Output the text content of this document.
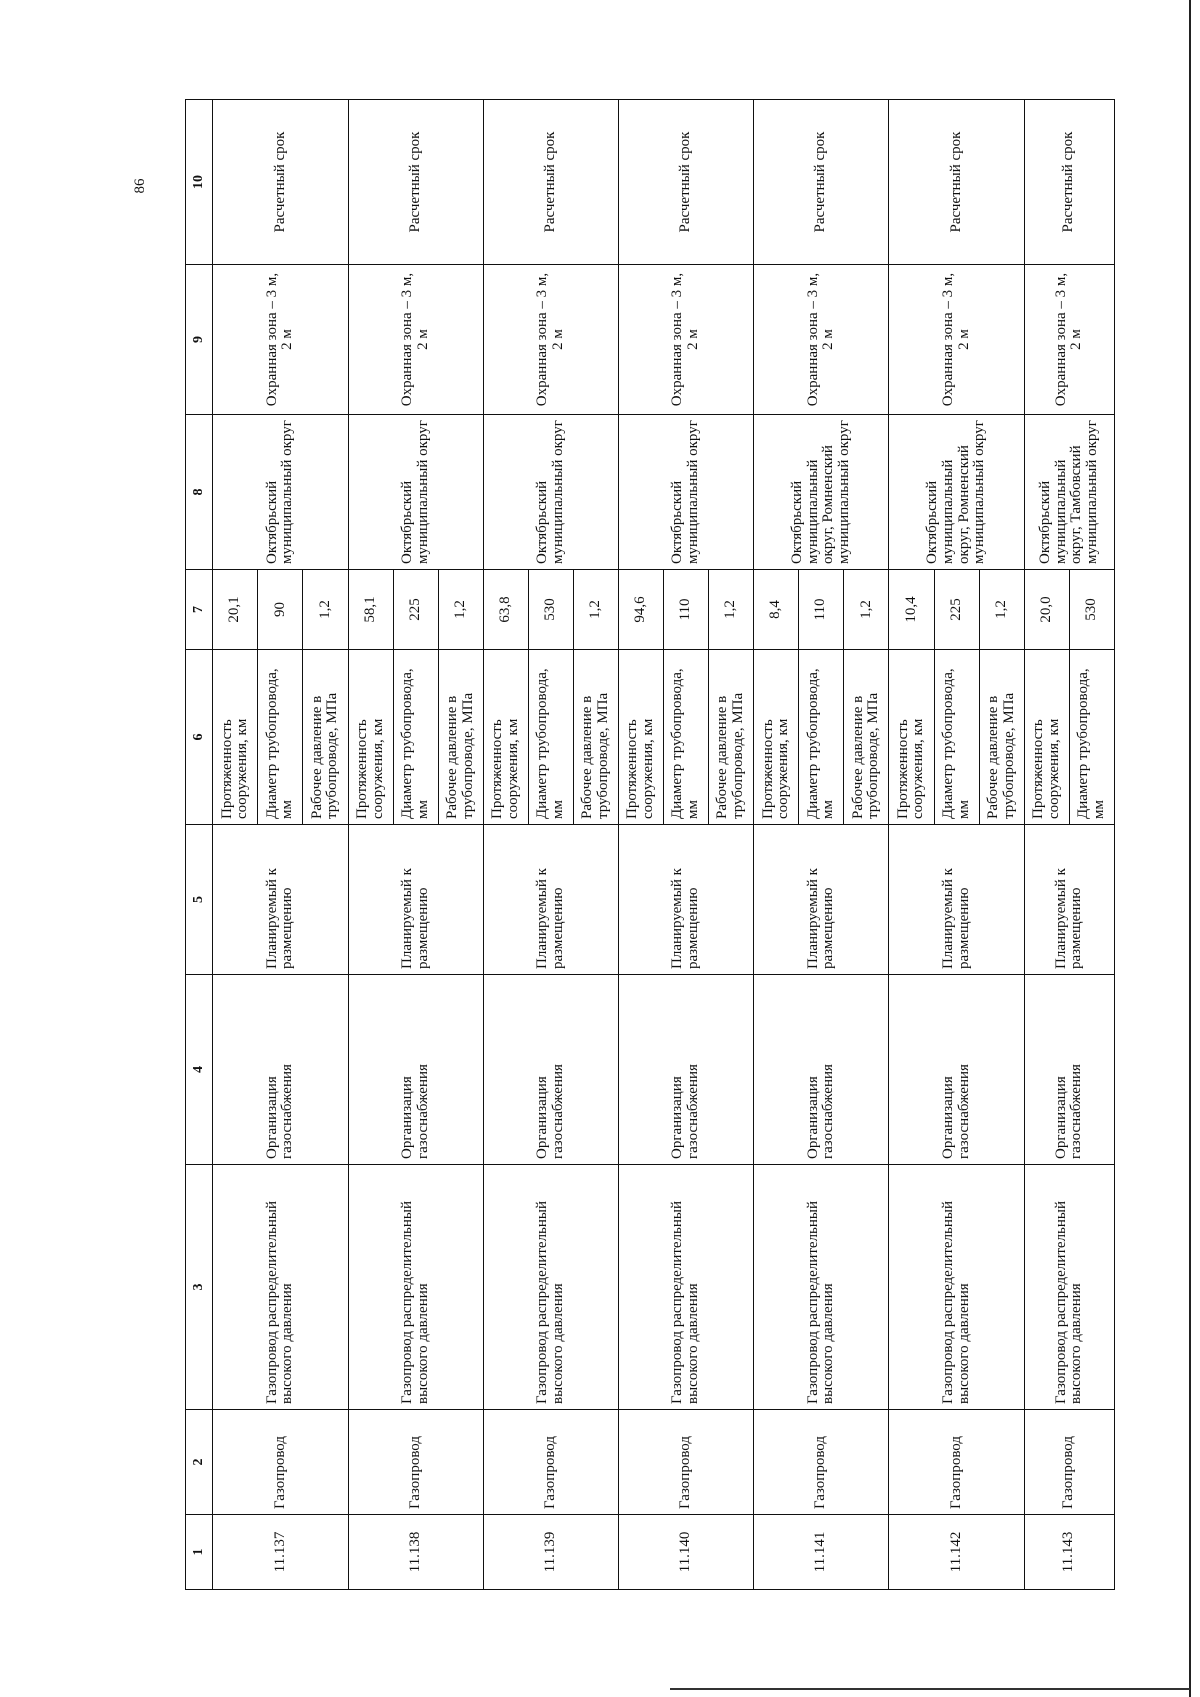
86
1	2	3	4	5	6	7	8	9	10
11.137	Газопровод	Газопровод распределительный высокого давления	Организация газоснабжения	Планируемый к размещению	Протяженность сооружения, км	20,1	Октябрьский муниципальный округ	Охранная зона – 3 м, 2 м	Расчетный срок
					Диаметр трубопровода, мм	90			
					Рабочее давление в трубопроводе, МПа	1,2			
11.138	Газопровод	Газопровод распределительный высокого давления	Организация газоснабжения	Планируемый к размещению	Протяженность сооружения, км	58,1	Октябрьский муниципальный округ	Охранная зона – 3 м, 2 м	Расчетный срок
					Диаметр трубопровода, мм	225			
					Рабочее давление в трубопроводе, МПа	1,2			
11.139	Газопровод	Газопровод распределительный высокого давления	Организация газоснабжения	Планируемый к размещению	Протяженность сооружения, км	63,8	Октябрьский муниципальный округ	Охранная зона – 3 м, 2 м	Расчетный срок
					Диаметр трубопровода, мм	530			
					Рабочее давление в трубопроводе, МПа	1,2			
11.140	Газопровод	Газопровод распределительный высокого давления	Организация газоснабжения	Планируемый к размещению	Протяженность сооружения, км	94,6	Октябрьский муниципальный округ	Охранная зона – 3 м, 2 м	Расчетный срок
					Диаметр трубопровода, мм	110			
					Рабочее давление в трубопроводе, МПа	1,2			
11.141	Газопровод	Газопровод распределительный высокого давления	Организация газоснабжения	Планируемый к размещению	Протяженность сооружения, км	8,4	Октябрьский муниципальный округ, Ромненский муниципальный округ	Охранная зона – 3 м, 2 м	Расчетный срок
					Диаметр трубопровода, мм	110			
					Рабочее давление в трубопроводе, МПа	1,2			
11.142	Газопровод	Газопровод распределительный высокого давления	Организация газоснабжения	Планируемый к размещению	Протяженность сооружения, км	10,4	Октябрьский муниципальный округ, Ромненский муниципальный округ	Охранная зона – 3 м, 2 м	Расчетный срок
					Диаметр трубопровода, мм	225			
					Рабочее давление в трубопроводе, МПа	1,2			
11.143	Газопровод	Газопровод распределительный высокого давления	Организация газоснабжения	Планируемый к размещению	Протяженность сооружения, км	20,0	Октябрьский муниципальный округ, Тамбовский муниципальный округ	Охранная зона – 3 м, 2 м	Расчетный срок
					Диаметр трубопровода, мм	530			
